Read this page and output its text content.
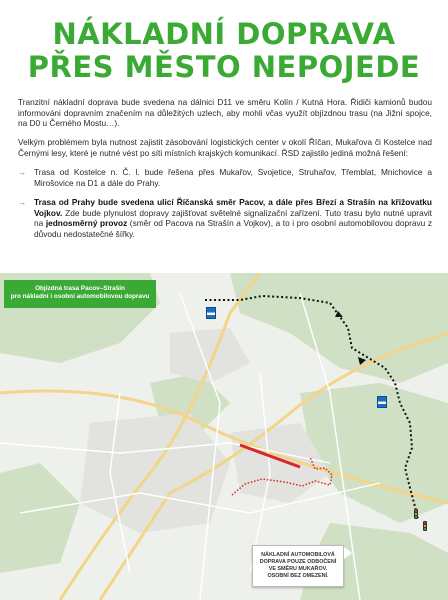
NÁKLADNÍ DOPRAVA
PŘES MĚSTO NEPOJEDE

Tranzitní nákladní doprava bude svedena na dálnici D11 ve směru Kolín / Kutná Hora. Řidiči kamionů budou informováni dopravním značením na důležitých uzlech, aby mohli včas využít objízdnou trasu (na Jižní spojce, na D0 u Černého Mostu…).

Velkým problémem byla nutnost zajistit zásobování logistických center v okolí Říčan, Mukařova či Kostelce nad Černými lesy, které je nutné vést po síti místních krajských komunikací. ŘSD zajistilo jediná možná řešení:

→ Trasa od Kostelce n. Č. l. bude řešena přes Mukařov, Svojetice, Struhařov, Třemblat, Mnichovice a Mirošovice na D1 a dále do Prahy.
→ Trasa od Prahy bude svedena ulicí Říčanská směr Pacov, a dále přes Březí a Strašín na křižovatku Vojkov. Zde bude plynulost dopravy zajišťovat světelné signalizační zařízení. Tuto trasu bylo nutné upravit na jednosměrný provoz (směr od Pacova na Strašín a Vojkov), a to i pro osobní automobilovou dopravu z důvodu nedostatečné šířky.
▬
▬
Objízdná trasa Pacov–Strašín
pro nákladní i osobní automobilovou dopravu
NÁKLADNÍ AUTOMOBILOVÁ
DOPRAVA POUZE ODBOČENÍ
VE SMĚRU MUKAŘOV.
OSOBNÍ BEZ OMEZENÍ.
